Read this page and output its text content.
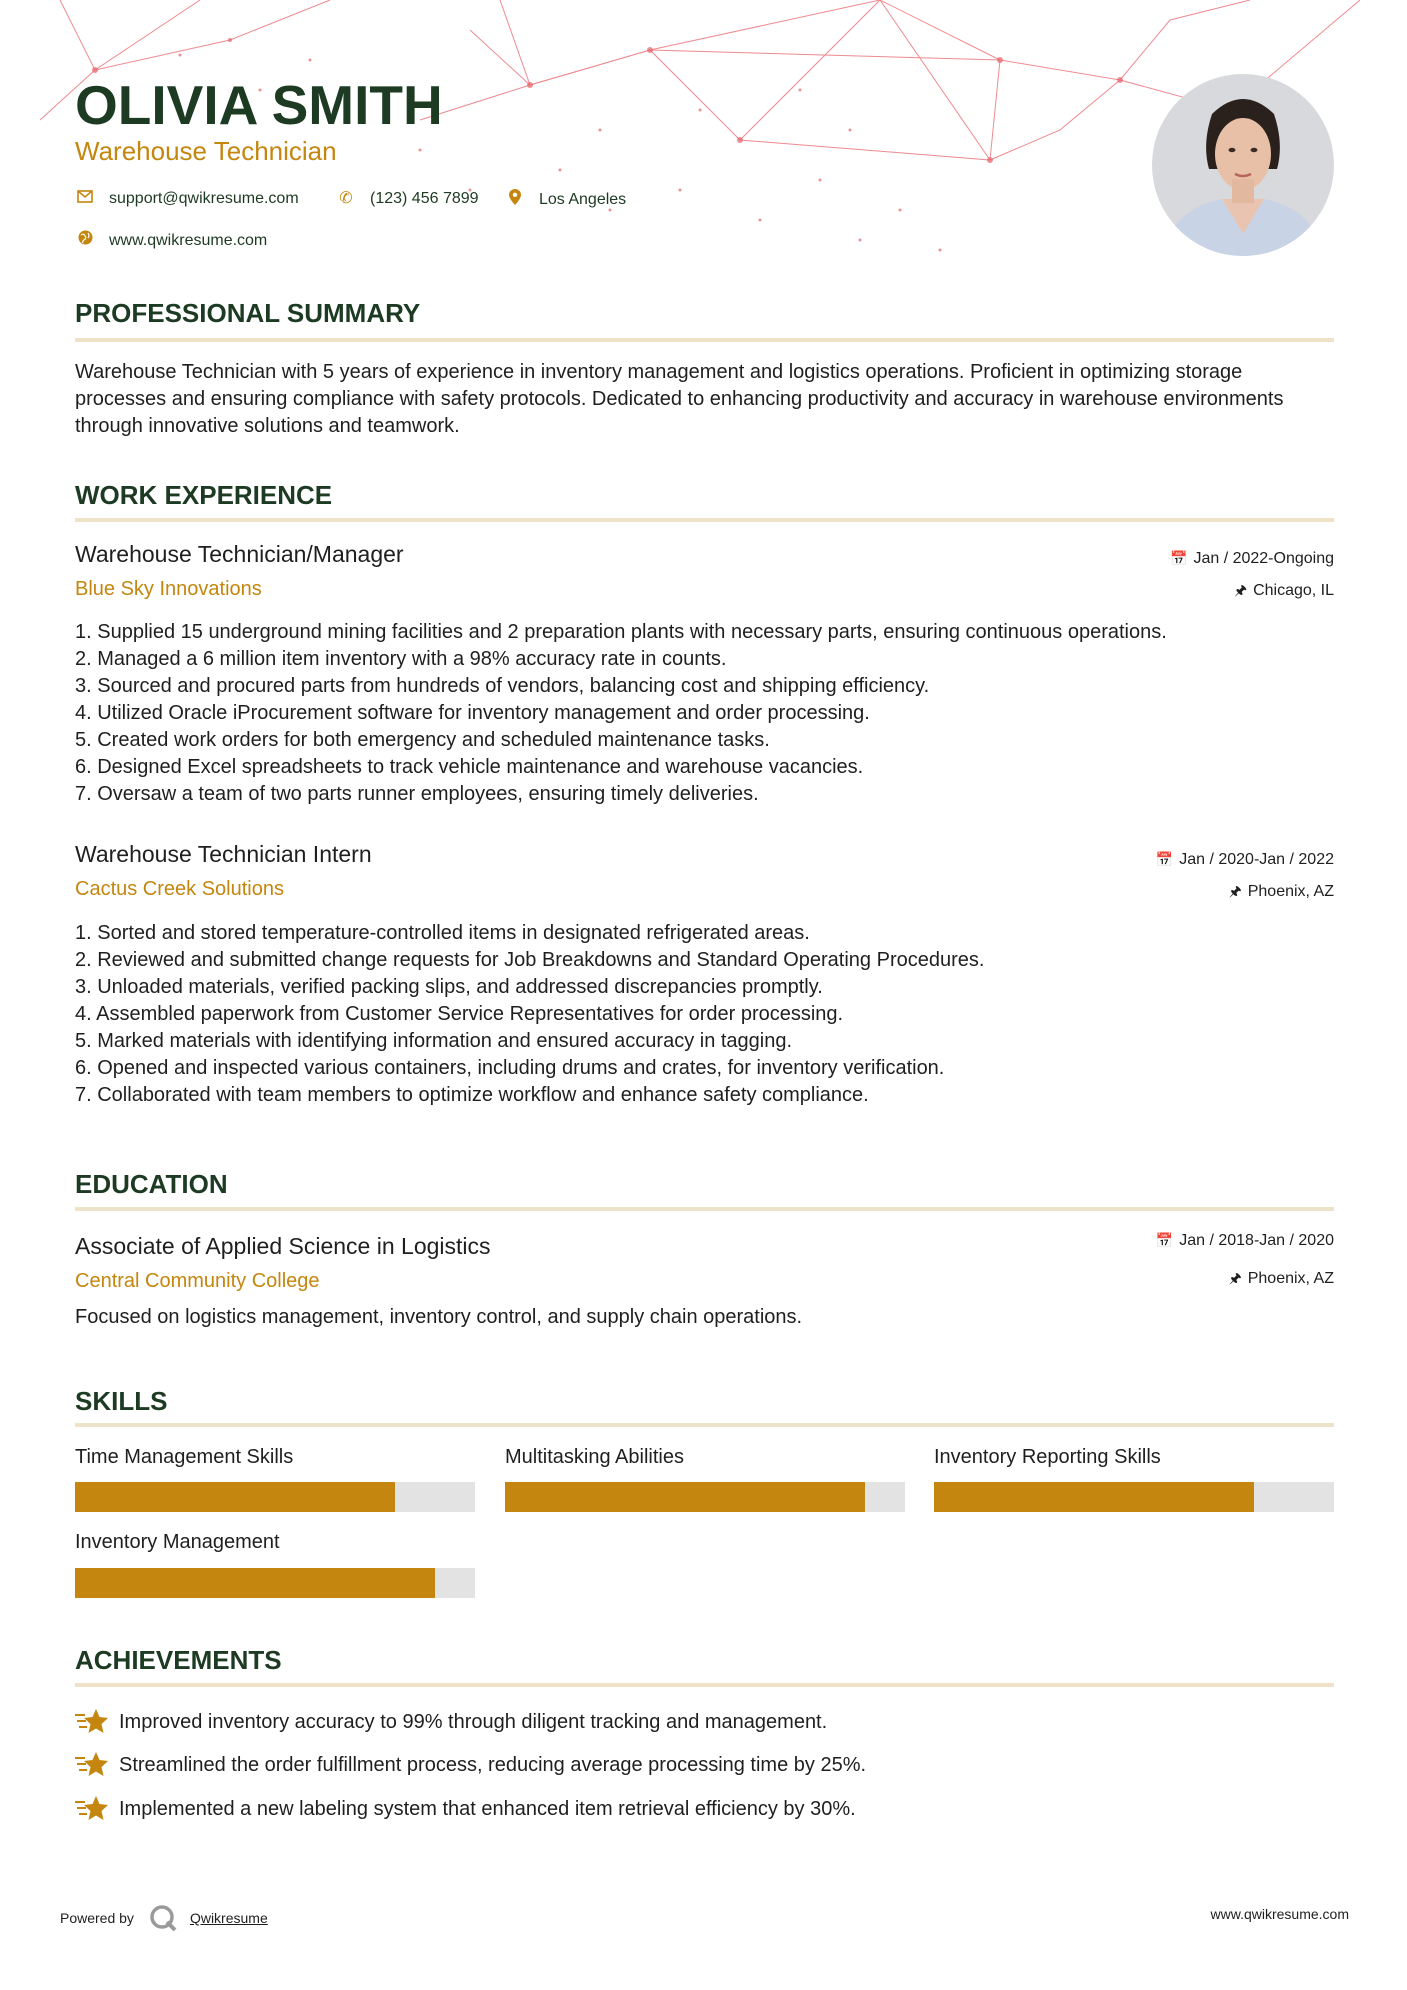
OLIVIA SMITH
Warehouse Technician
support@qwikresume.com	✆ (123) 456 7899	Los Angeles
www.qwikresume.com
PROFESSIONAL SUMMARY
Warehouse Technician with 5 years of experience in inventory management and logistics operations. Proficient in optimizing storage processes and ensuring compliance with safety protocols. Dedicated to enhancing productivity and accuracy in warehouse environments through innovative solutions and teamwork.
WORK EXPERIENCE
Warehouse Technician/Manager
Blue Sky Innovations
📅 Jan / 2022-Ongoing
🖈 Chicago, IL
1. Supplied 15 underground mining facilities and 2 preparation plants with necessary parts, ensuring continuous operations.
2. Managed a 6 million item inventory with a 98% accuracy rate in counts.
3. Sourced and procured parts from hundreds of vendors, balancing cost and shipping efficiency.
4. Utilized Oracle iProcurement software for inventory management and order processing.
5. Created work orders for both emergency and scheduled maintenance tasks.
6. Designed Excel spreadsheets to track vehicle maintenance and warehouse vacancies.
7. Oversaw a team of two parts runner employees, ensuring timely deliveries.
Warehouse Technician Intern
Cactus Creek Solutions
📅 Jan / 2020-Jan / 2022
🖈 Phoenix, AZ
1. Sorted and stored temperature-controlled items in designated refrigerated areas.
2. Reviewed and submitted change requests for Job Breakdowns and Standard Operating Procedures.
3. Unloaded materials, verified packing slips, and addressed discrepancies promptly.
4. Assembled paperwork from Customer Service Representatives for order processing.
5. Marked materials with identifying information and ensured accuracy in tagging.
6. Opened and inspected various containers, including drums and crates, for inventory verification.
7. Collaborated with team members to optimize workflow and enhance safety compliance.
EDUCATION
Associate of Applied Science in Logistics
Central Community College
📅 Jan / 2018-Jan / 2020
🖈 Phoenix, AZ
Focused on logistics management, inventory control, and supply chain operations.
SKILLS
Time Management Skills	Multitasking Abilities	Inventory Reporting Skills
Inventory Management
ACHIEVEMENTS
Improved inventory accuracy to 99% through diligent tracking and management.
Streamlined the order fulfillment process, reducing average processing time by 25%.
Implemented a new labeling system that enhanced item retrieval efficiency by 30%.
Powered by	Qwikresume	www.qwikresume.com
